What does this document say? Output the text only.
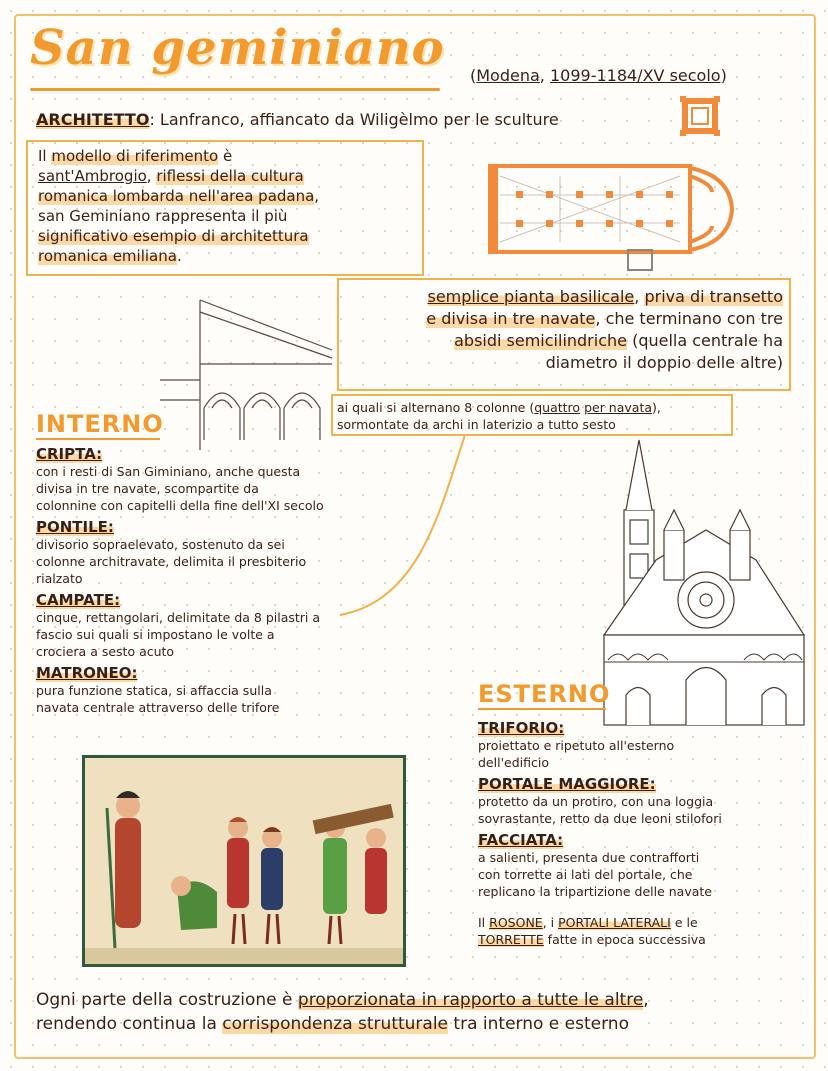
San geminiano (Modena, 1099-1184/XV secolo)
ARCHITETTO: Lanfranco, affiancato da Wiligèlmo per le sculture
Il modello di riferimento è
sant'Ambrogio, riflessi della cultura
romanica lombarda nell'area padana,
san Geminiano rappresenta il più
significativo esempio di architettura
romanica emiliana.
semplice pianta basilicale, priva di transetto
e divisa in tre navate, che terminano con tre
absidi semicilindriche (quella centrale ha
diametro il doppio delle altre)
ai quali si alternano 8 colonne (quattro per navata),
sormontate da archi in laterizio a tutto sesto
INTERNO
CRIPTA:
con i resti di San Giminiano, anche questa
divisa in tre navate, scompartite da
colonnine con capitelli della fine dell'XI secolo
PONTILE:
divisorio sopraelevato, sostenuto da sei
colonne architravate, delimita il presbiterio
rialzato
CAMPATE:
cinque, rettangolari, delimitate da 8 pilastri a
fascio sui quali si impostano le volte a
crociera a sesto acuto
MATRONEO:
pura funzione statica, si affaccia sulla
navata centrale attraverso delle trifore	ESTERNO
TRIFORIO:
proiettato e ripetuto all'esterno
dell'edificio
PORTALE MAGGIORE:
protetto da un protiro, con una loggia
sovrastante, retto da due leoni stilofori
FACCIATA:
a salienti, presenta due contrafforti
con torrette ai lati del portale, che
replicano la tripartizione delle navate
Il ROSONE, i PORTALI LATERALI e le
TORRETTE fatte in epoca successiva
Ogni parte della costruzione è proporzionata in rapporto a tutte le altre,
rendendo continua la corrispondenza strutturale tra interno e esterno
